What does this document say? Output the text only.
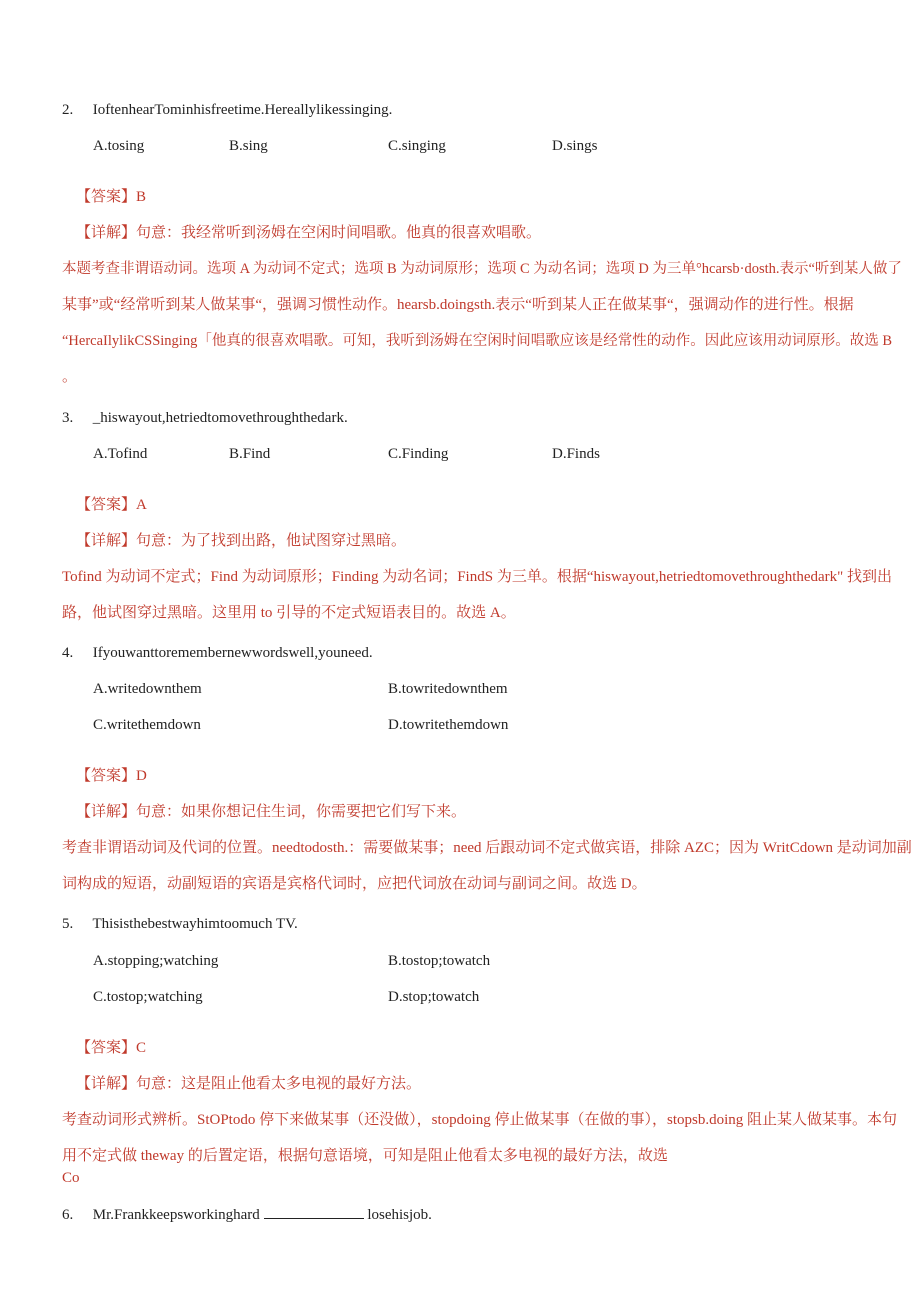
2. IoftenhearTominhisfreetime.Hereallylikessinging.
A.tosing	B.sing	C.singing	D.sings
【答案】B
【详解】句意：我经常听到汤姆在空闲时间唱歌。他真的很喜欢唱歌。
本题考查非谓语动词。选项 A 为动词不定式；选项 B 为动词原形；选项 C 为动名词；选项 D 为三单°hcarsb·dosth.表示“听到某人做了
某事”或“经常听到某人做某事“，强调习惯性动作。hearsb.doingsth.表示“听到某人正在做某事“，强调动作的进行性。根据
“HercaIlylikCSSinging「他真的很喜欢唱歌。可知，我听到汤姆在空闲时间唱歌应该是经常性的动作。因此应该用动词原形。故选 B
。
3. _hiswayout,hetriedtomovethroughthedark.
A.Tofind	B.Find	C.Finding	D.Finds
【答案】A
【详解】句意：为了找到出路，他试图穿过黑暗。
Tofind 为动词不定式；Find 为动词原形；Finding 为动名词；FindS 为三单。根据“hiswayout,hetriedtomovethroughthedark" 找到出
路，他试图穿过黑暗。这里用 to 引导的不定式短语表目的。故选 A。
4. Ifyouwanttoremembernewwordswell,youneed.
A.writedownthem	B.towritedownthem
C.writethemdown	D.towritethemdown
【答案】D
【详解】句意：如果你想记住生词，你需要把它们写下来。
考查非谓语动词及代词的位置。needtodosth.：需要做某事；need 后跟动词不定式做宾语，排除 AZC；因为 WritCdown 是动词加副
词构成的短语，动副短语的宾语是宾格代词时，应把代词放在动词与副词之间。故选 D。
5. Thisisthebestwayhimtoomuch TV.
A.stopping;watching	B.tostop;towatch
C.tostop;watching	D.stop;towatch
【答案】C
【详解】句意：这是阻止他看太多电视的最好方法。
考查动词形式辨析。StOPtodo 停下来做某事（还没做），stopdoing 停止做某事（在做的事），stopsb.doing 阻止某人做某事。本句
用不定式做 theway 的后置定语，根据句意语境，可知是阻止他看太多电视的最好方法，故选
Co
6. Mr.Frankkeepsworkinghard	losehisjob.
